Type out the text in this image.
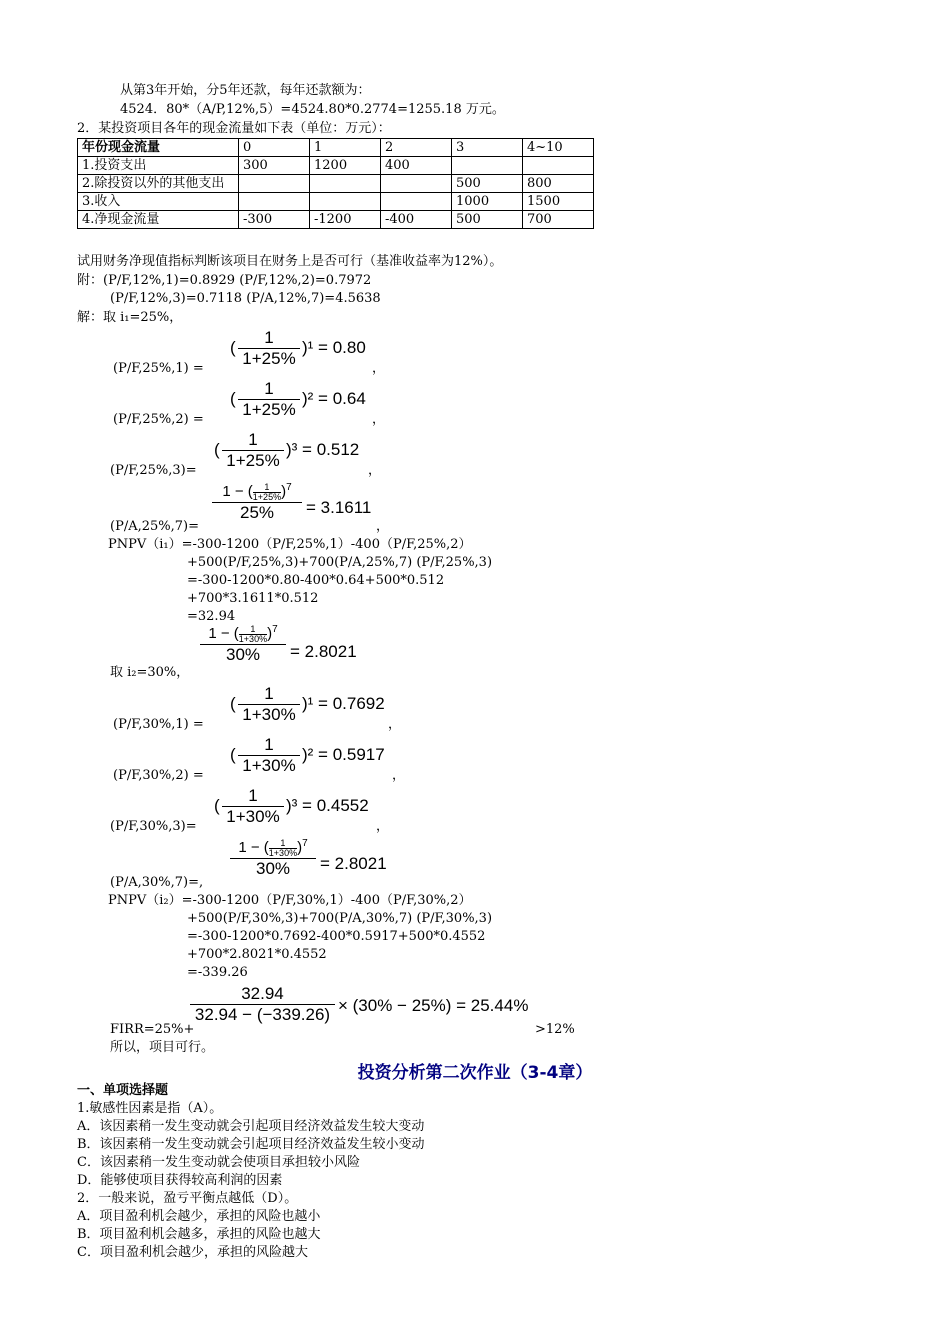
从第3年开始，分5年还款，每年还款额为：
4524．80*（A/P,12%,5）=4524.80*0.2774=1255.18 万元。
2．某投资项目各年的现金流量如下表（单位：万元）：
年份现金流量	0	1	2	3	4~10
1.投资支出	300	1200	400		
2.除投资以外的其他支出				500	800
3.收入				1000	1500
4.净现金流量	-300	-1200	-400	500	700
试用财务净现值指标判断该项目在财务上是否可行（基准收益率为12%）。
附：(P/F,12%,1)=0.8929 (P/F,12%,2)=0.7972
(P/F,12%,3)=0.7118 (P/A,12%,7)=4.5638
解：取 i₁=25%，
(P/F,25%,1) =
(
1
1+25%
)¹ = 0.80
，
(P/F,25%,2) =
(
1
1+25%
)² = 0.64
，
(P/F,25%,3)=
(
1
1+25%
)³ = 0.512
，
(P/A,25%,7)=
1 − ( $\frac{1}{1+25\%} )^7$
25%	= 3.1611
，
PNPV（i₁）=-300-1200（P/F,25%,1）-400（P/F,25%,2）
+500(P/F,25%,3)+700(P/A,25%,7) (P/F,25%,3)
=-300-1200*0.80-400*0.64+500*0.512
+700*3.1611*0.512
=32.94
1 − ( $\frac{1}{1+30\%} )^7$
30%	= 2.8021
取 i₂=30%，
(P/F,30%,1) =
(
1
1+30%
)¹ = 0.7692
，
(P/F,30%,2) =
(
1
1+30%
)² = 0.5917
，
(P/F,30%,3)=
(
1
1+30%
)³ = 0.4552
，
(P/A,30%,7)=,
1 − ( $\frac{1}{1+30\%} )^7$
30%	= 2.8021
PNPV（i₂）=-300-1200（P/F,30%,1）-400（P/F,30%,2）
+500(P/F,30%,3)+700(P/A,30%,7) (P/F,30%,3)
=-300-1200*0.7692-400*0.5917+500*0.4552
+700*2.8021*0.4552
=-339.26
32.94
32.94 − (−339.26) × (30% − 25%) = 25.44%
FIRR=25%+	>12%
所以，项目可行。
投资分析第二次作业（3-4章）
一、单项选择题
1.敏感性因素是指（A）。
A．该因素稍一发生变动就会引起项目经济效益发生较大变动
B．该因素稍一发生变动就会引起项目经济效益发生较小变动
C．该因素稍一发生变动就会使项目承担较小风险
D．能够使项目获得较高利润的因素
2．一般来说，盈亏平衡点越低（D）。
A．项目盈利机会越少，承担的风险也越小
B．项目盈利机会越多，承担的风险也越大
C．项目盈利机会越少，承担的风险越大
